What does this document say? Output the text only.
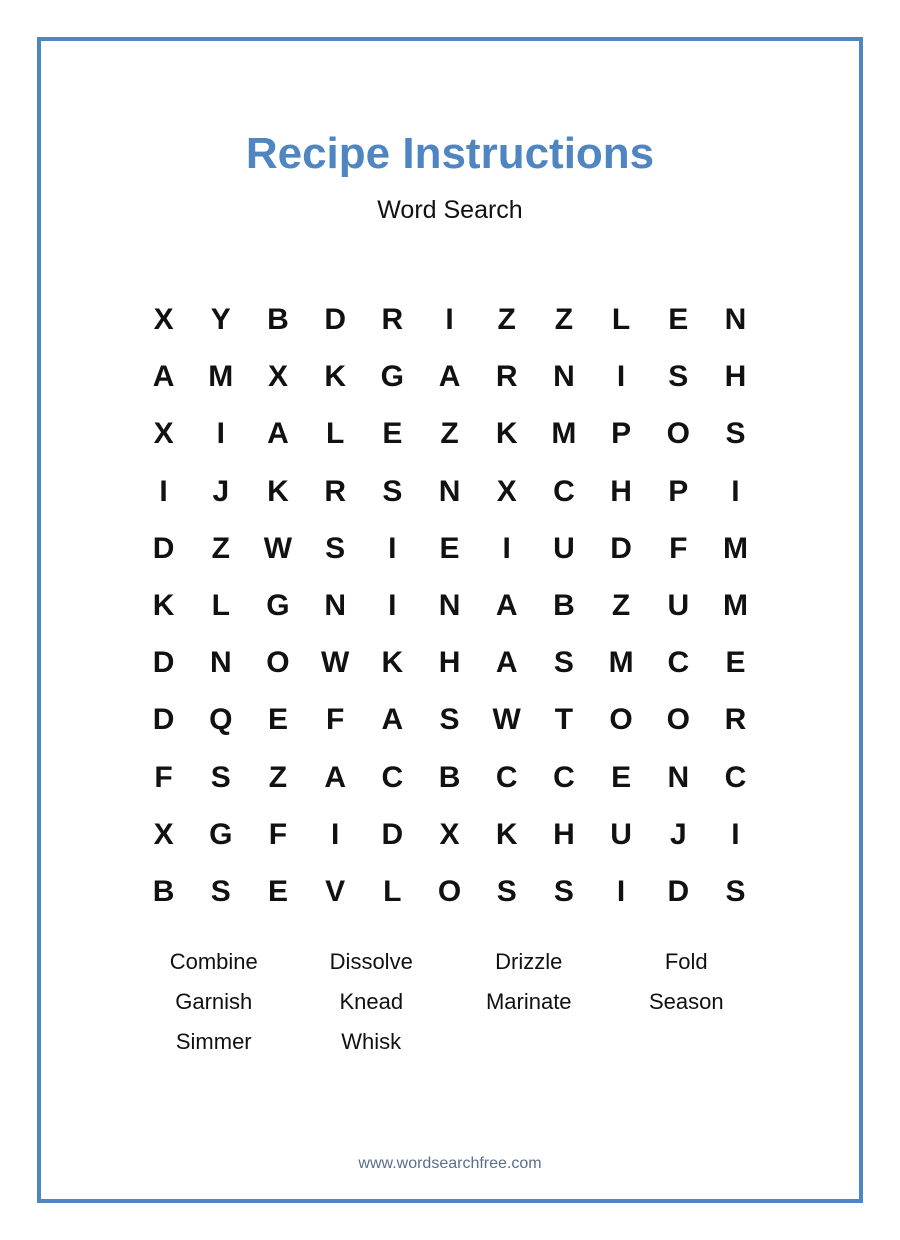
Recipe Instructions
Word Search
X	Y	B	D	R	I	Z	Z	L	E	N
A	M	X	K	G	A	R	N	I	S	H
X	I	A	L	E	Z	K	M	P	O	S
I	J	K	R	S	N	X	C	H	P	I
D	Z	W	S	I	E	I	U	D	F	M
K	L	G	N	I	N	A	B	Z	U	M
D	N	O	W	K	H	A	S	M	C	E
D	Q	E	F	A	S	W	T	O	O	R
F	S	Z	A	C	B	C	C	E	N	C
X	G	F	I	D	X	K	H	U	J	I
B	S	E	V	L	O	S	S	I	D	S
Combine	Dissolve	Drizzle	Fold
Garnish	Knead	Marinate	Season
Simmer	Whisk
www.wordsearchfree.com
